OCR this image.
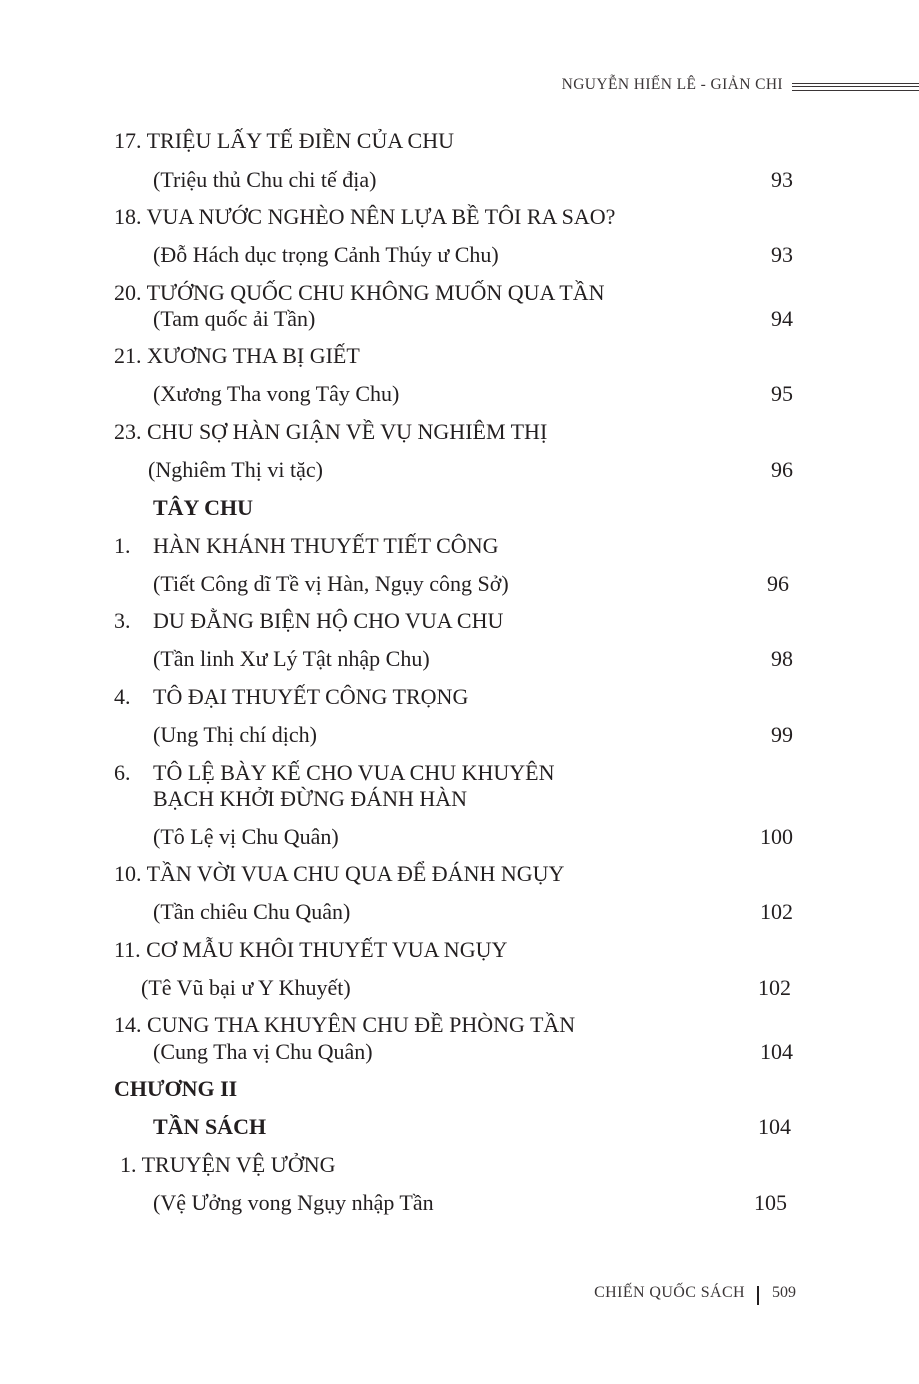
NGUYỄN HIẾN LÊ - GIẢN CHI
17. TRIỆU LẤY TẾ ĐIỀN CỦA CHU
(Triệu thủ Chu chi tế địa)	93
18. VUA NƯỚC NGHÈO NÊN LỰA BỀ TÔI RA SAO?
(Đỗ Hách dục trọng Cảnh Thúy ư Chu)	93
20. TƯỚNG QUỐC CHU KHÔNG MUỐN QUA TẦN
(Tam quốc ải Tần)	94
21. XƯƠNG THA BỊ GIẾT
(Xương Tha vong Tây Chu)	95
23. CHU SỢ HÀN GIẬN VỀ VỤ NGHIÊM THỊ
(Nghiêm Thị vi tặc)	96
TÂY CHU
1. HÀN KHÁNH THUYẾT TIẾT CÔNG
(Tiết Công dĩ Tề vị Hàn, Ngụy công Sở)	96
3. DU ĐẰNG BIỆN HỘ CHO VUA CHU
(Tần linh Xư Lý Tật nhập Chu)	98
4. TÔ ĐẠI THUYẾT CÔNG TRỌNG
(Ung Thị chí dịch)	99
6. TÔ LỆ BÀY KẾ CHO VUA CHU KHUYÊN
BẠCH KHỞI ĐỪNG ĐÁNH HÀN
(Tô Lệ vị Chu Quân)	100
10. TẦN VỜI VUA CHU QUA ĐỂ ĐÁNH NGỤY
(Tần chiêu Chu Quân)	102
11. CƠ MẪU KHÔI THUYẾT VUA NGỤY
(Tê Vũ bại ư Y Khuyết)	102
14. CUNG THA KHUYÊN CHU ĐỀ PHÒNG TẦN
(Cung Tha vị Chu Quân)	104
CHƯƠNG II
TẦN SÁCH	104
1. TRUYỆN VỆ ƯỞNG
(Vệ Ưởng vong Ngụy nhập Tần	105
CHIẾN QUỐC SÁCH 509
